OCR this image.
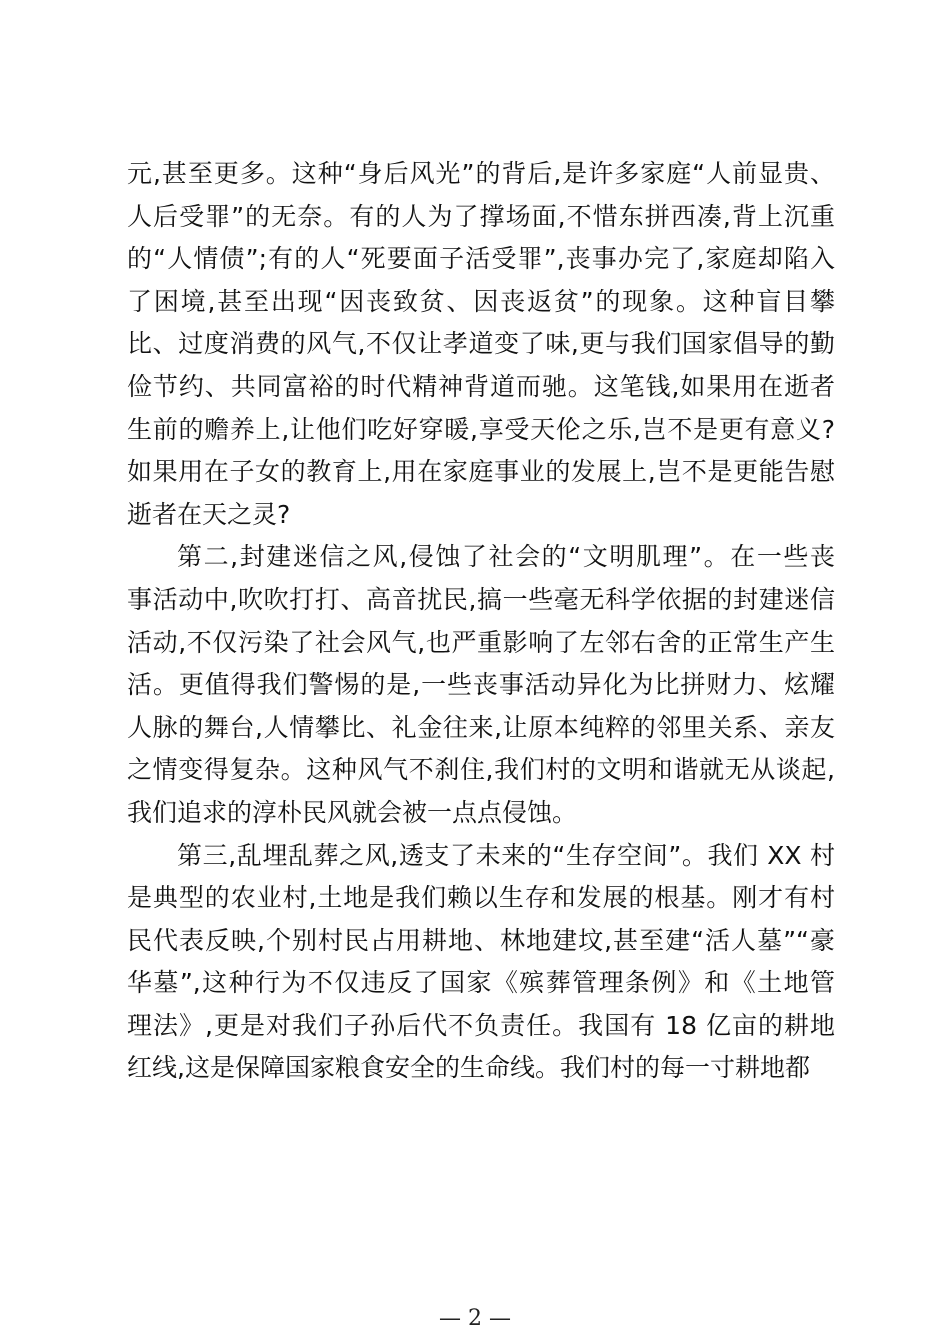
元,甚至更多。这种“身后风光”的背后,是许多家庭“人前显贵、
人后受罪”的无奈。有的人为了撑场面,不惜东拼西凑,背上沉重
的“人情债”;有的人“死要面子活受罪”,丧事办完了,家庭却陷入
了困境,甚至出现“因丧致贫、因丧返贫”的现象。这种盲目攀
比、过度消费的风气,不仅让孝道变了味,更与我们国家倡导的勤
俭节约、共同富裕的时代精神背道而驰。这笔钱,如果用在逝者
生前的赡养上,让他们吃好穿暖,享受天伦之乐,岂不是更有意义?
如果用在子女的教育上,用在家庭事业的发展上,岂不是更能告慰
逝者在天之灵?
第二,封建迷信之风,侵蚀了社会的“文明肌理”。在一些丧
事活动中,吹吹打打、高音扰民,搞一些毫无科学依据的封建迷信
活动,不仅污染了社会风气,也严重影响了左邻右舍的正常生产生
活。更值得我们警惕的是,一些丧事活动异化为比拼财力、炫耀
人脉的舞台,人情攀比、礼金往来,让原本纯粹的邻里关系、亲友
之情变得复杂。这种风气不刹住,我们村的文明和谐就无从谈起,
我们追求的淳朴民风就会被一点点侵蚀。
第三,乱埋乱葬之风,透支了未来的“生存空间”。我们 XX 村
是典型的农业村,土地是我们赖以生存和发展的根基。刚才有村
民代表反映,个别村民占用耕地、林地建坟,甚至建“活人墓”“豪
华墓”,这种行为不仅违反了国家《殡葬管理条例》和《土地管
理法》,更是对我们子孙后代不负责任。我国有 18 亿亩的耕地
红线,这是保障国家粮食安全的生命线。我们村的每一寸耕地都
— 2 —
